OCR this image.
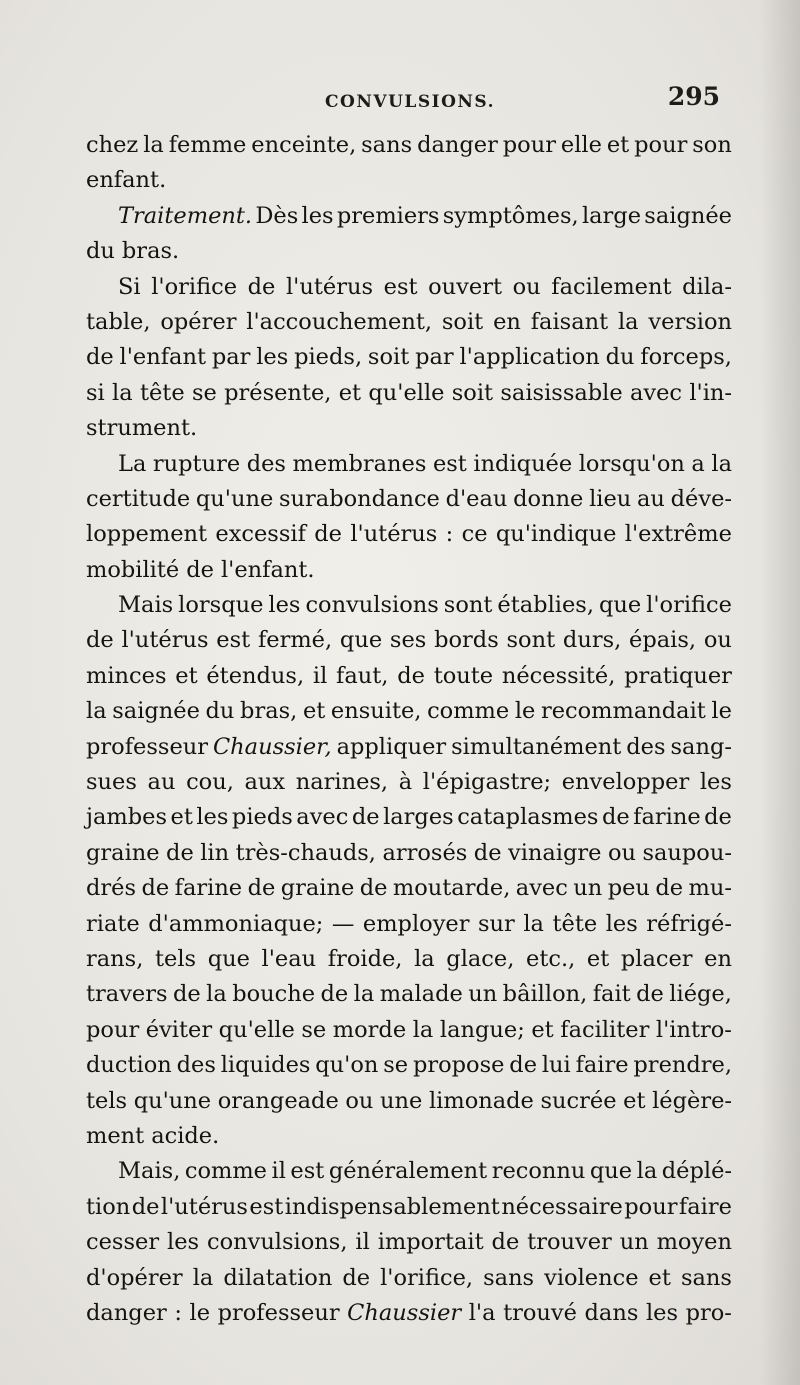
CONVULSIONS.	295
chez la femme enceinte, sans danger pour elle et pour son
enfant.
Traitement. Dès les premiers symptômes, large saignée
du bras.
Si l'orifice de l'utérus est ouvert ou facilement dila-
table, opérer l'accouchement, soit en faisant la version
de l'enfant par les pieds, soit par l'application du forceps,
si la tête se présente, et qu'elle soit saisissable avec l'in-
strument.
La rupture des membranes est indiquée lorsqu'on a la
certitude qu'une surabondance d'eau donne lieu au déve-
loppement excessif de l'utérus : ce qu'indique l'extrême
mobilité de l'enfant.
Mais lorsque les convulsions sont établies, que l'orifice
de l'utérus est fermé, que ses bords sont durs, épais, ou
minces et étendus, il faut, de toute nécessité, pratiquer
la saignée du bras, et ensuite, comme le recommandait le
professeur Chaussier, appliquer simultanément des sang-
sues au cou, aux narines, à l'épigastre; envelopper les
jambes et les pieds avec de larges cataplasmes de farine de
graine de lin très-chauds, arrosés de vinaigre ou saupou-
drés de farine de graine de moutarde, avec un peu de mu-
riate d'ammoniaque; — employer sur la tête les réfrigé-
rans, tels que l'eau froide, la glace, etc., et placer en
travers de la bouche de la malade un bâillon, fait de liége,
pour éviter qu'elle se morde la langue; et faciliter l'intro-
duction des liquides qu'on se propose de lui faire prendre,
tels qu'une orangeade ou une limonade sucrée et légère-
ment acide.
Mais, comme il est généralement reconnu que la déplé-
tion de l'utérus est indispensablement nécessaire pour faire
cesser les convulsions, il importait de trouver un moyen
d'opérer la dilatation de l'orifice, sans violence et sans
danger : le professeur Chaussier l'a trouvé dans les pro-
